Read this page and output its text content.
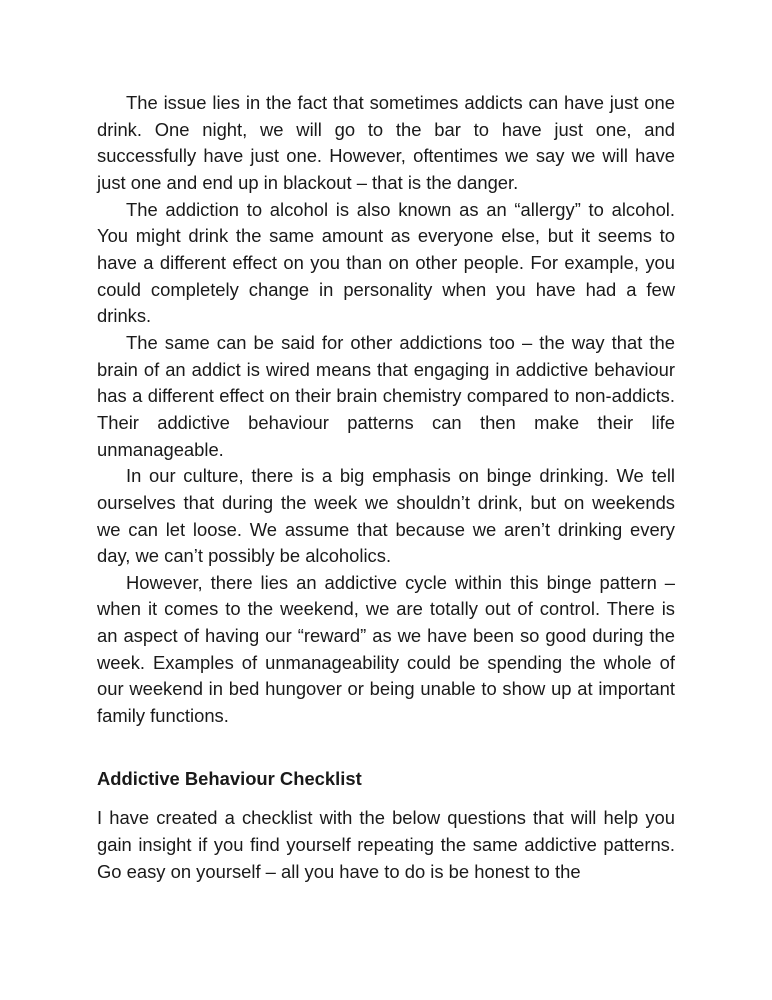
The issue lies in the fact that sometimes addicts can have just one drink. One night, we will go to the bar to have just one, and successfully have just one. However, oftentimes we say we will have just one and end up in blackout – that is the danger.

The addiction to alcohol is also known as an “allergy” to alcohol. You might drink the same amount as everyone else, but it seems to have a different effect on you than on other people. For example, you could completely change in personality when you have had a few drinks.

The same can be said for other addictions too – the way that the brain of an addict is wired means that engaging in addictive behaviour has a different effect on their brain chemistry compared to non-addicts. Their addictive behaviour patterns can then make their life unmanageable.

In our culture, there is a big emphasis on binge drinking. We tell ourselves that during the week we shouldn’t drink, but on weekends we can let loose. We assume that because we aren’t drinking every day, we can’t possibly be alcoholics.

However, there lies an addictive cycle within this binge pattern – when it comes to the weekend, we are totally out of control. There is an aspect of having our “reward” as we have been so good during the week. Examples of unmanageability could be spending the whole of our weekend in bed hungover or being unable to show up at important family functions.

Addictive Behaviour Checklist

I have created a checklist with the below questions that will help you gain insight if you find yourself repeating the same addictive patterns. Go easy on yourself – all you have to do is be honest to the
